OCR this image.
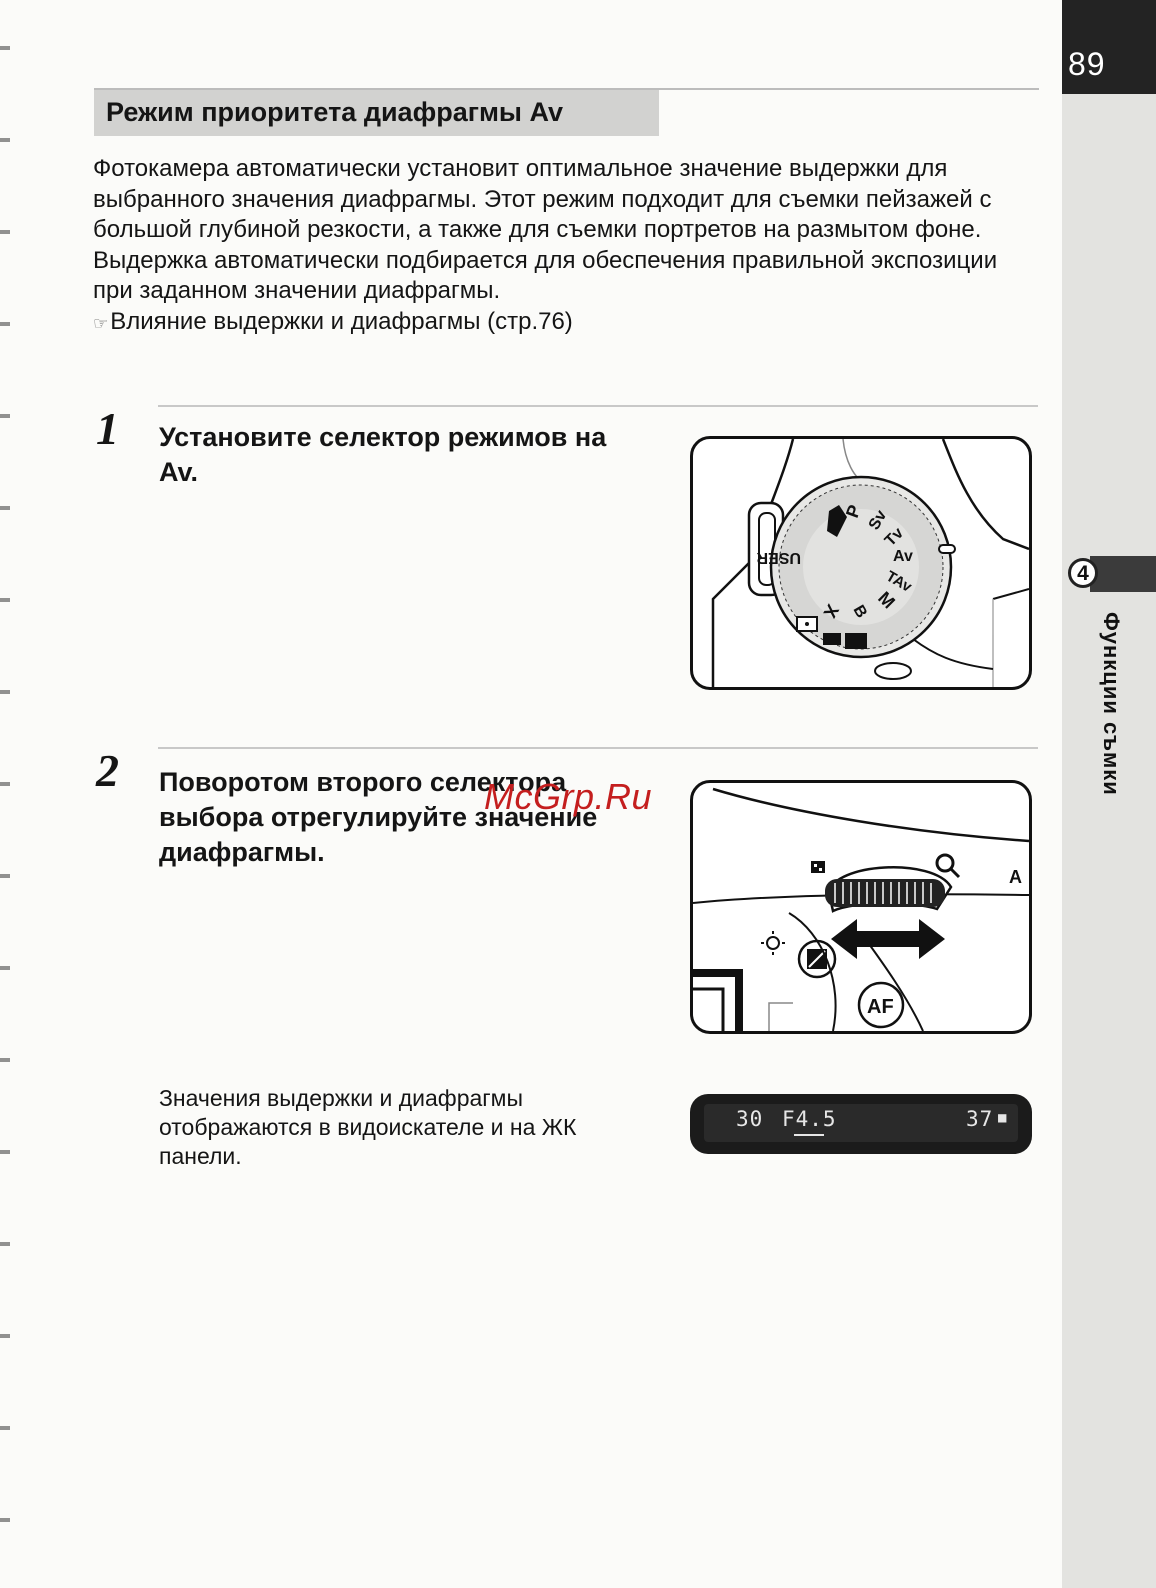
89
4
Функции съмки
Режим приоритета диафрагмы Av

Фотокамера автоматически установит оптимальное значение выдержки для выбранного значения диафрагмы. Этот режим подходит для съемки пейзажей с большой глубиной резкости, а также для съемки портретов на размытом фоне.

Выдержка автоматически подбирается для обеспечения правильной экспозиции при заданном значении диафрагмы.

☞Влияние выдержки и диафрагмы (стр.76)

1 Установите селектор режимов на Av.
P Sv
Tv
Av
TAv
M
B
X
USER
2 Поворотом второго селектора выбора отрегулируйте значение диафрагмы.
A
AF
30 F4.5	37 ■
Значения выдержки и диафрагмы отображаются в видоискателе и на ЖК панели.
McGrp.Ru
